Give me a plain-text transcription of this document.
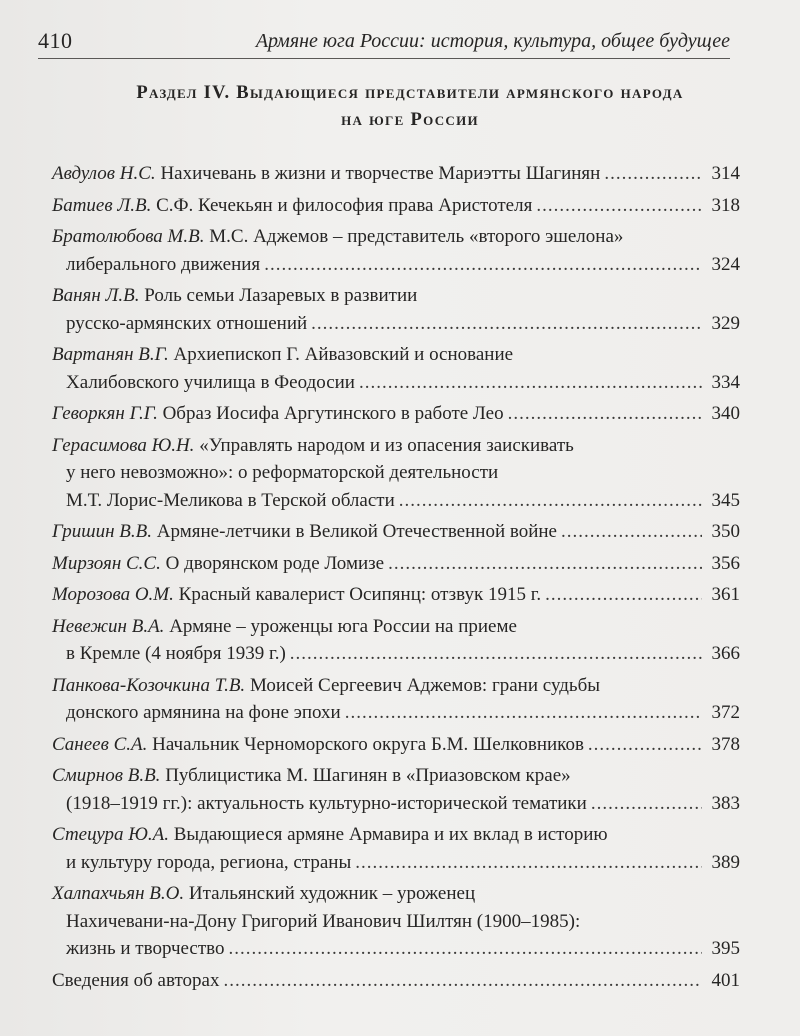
410	Армяне юга России: история, культура, общее будущее
Раздел IV. Выдающиеся представители армянского народа
на юге России
Авдулов Н.С. Нахичевань в жизни и творчестве Мариэтты Шагинян .....	314
Батиев Л.В. С.Ф. Кечекьян и философия права Аристотеля .....	318
Братолюбова М.В. М.С. Аджемов – представитель «второго эшелона»
либерального движения .....	324
Ванян Л.В. Роль семьи Лазаревых в развитии
русско-армянских отношений .....	329
Вартанян В.Г. Архиепископ Г. Айвазовский и основание
Халибовского училища в Феодосии .....	334
Геворкян Г.Г. Образ Иосифа Аргутинского в работе Лео .....	340
Герасимова Ю.Н. «Управлять народом и из опасения заискивать
у него невозможно»: о реформаторской деятельности
М.Т. Лорис-Меликова в Терской области .....	345
Гришин В.В. Армяне-летчики в Великой Отечественной войне .....	350
Мирзоян С.С. О дворянском роде Ломизе .....	356
Морозова О.М. Красный кавалерист Осипянц: отзвук 1915 г. .....	361
Невежин В.А. Армяне – уроженцы юга России на приеме
в Кремле (4 ноября 1939 г.) .....	366
Панкова-Козочкина Т.В. Моисей Сергеевич Аджемов: грани судьбы
донского армянина на фоне эпохи .....	372
Санеев С.А. Начальник Черноморского округа Б.М. Шелковников .....	378
Смирнов В.В. Публицистика М. Шагинян в «Приазовском крае»
(1918–1919 гг.): актуальность культурно-исторической тематики .....	383
Стецура Ю.А. Выдающиеся армяне Армавира и их вклад в историю
и культуру города, региона, страны .....	389
Халпахчьян В.О. Итальянский художник – уроженец
Нахичевани-на-Дону Григорий Иванович Шилтян (1900–1985):
жизнь и творчество .....	395
Сведения об авторах .....	401
